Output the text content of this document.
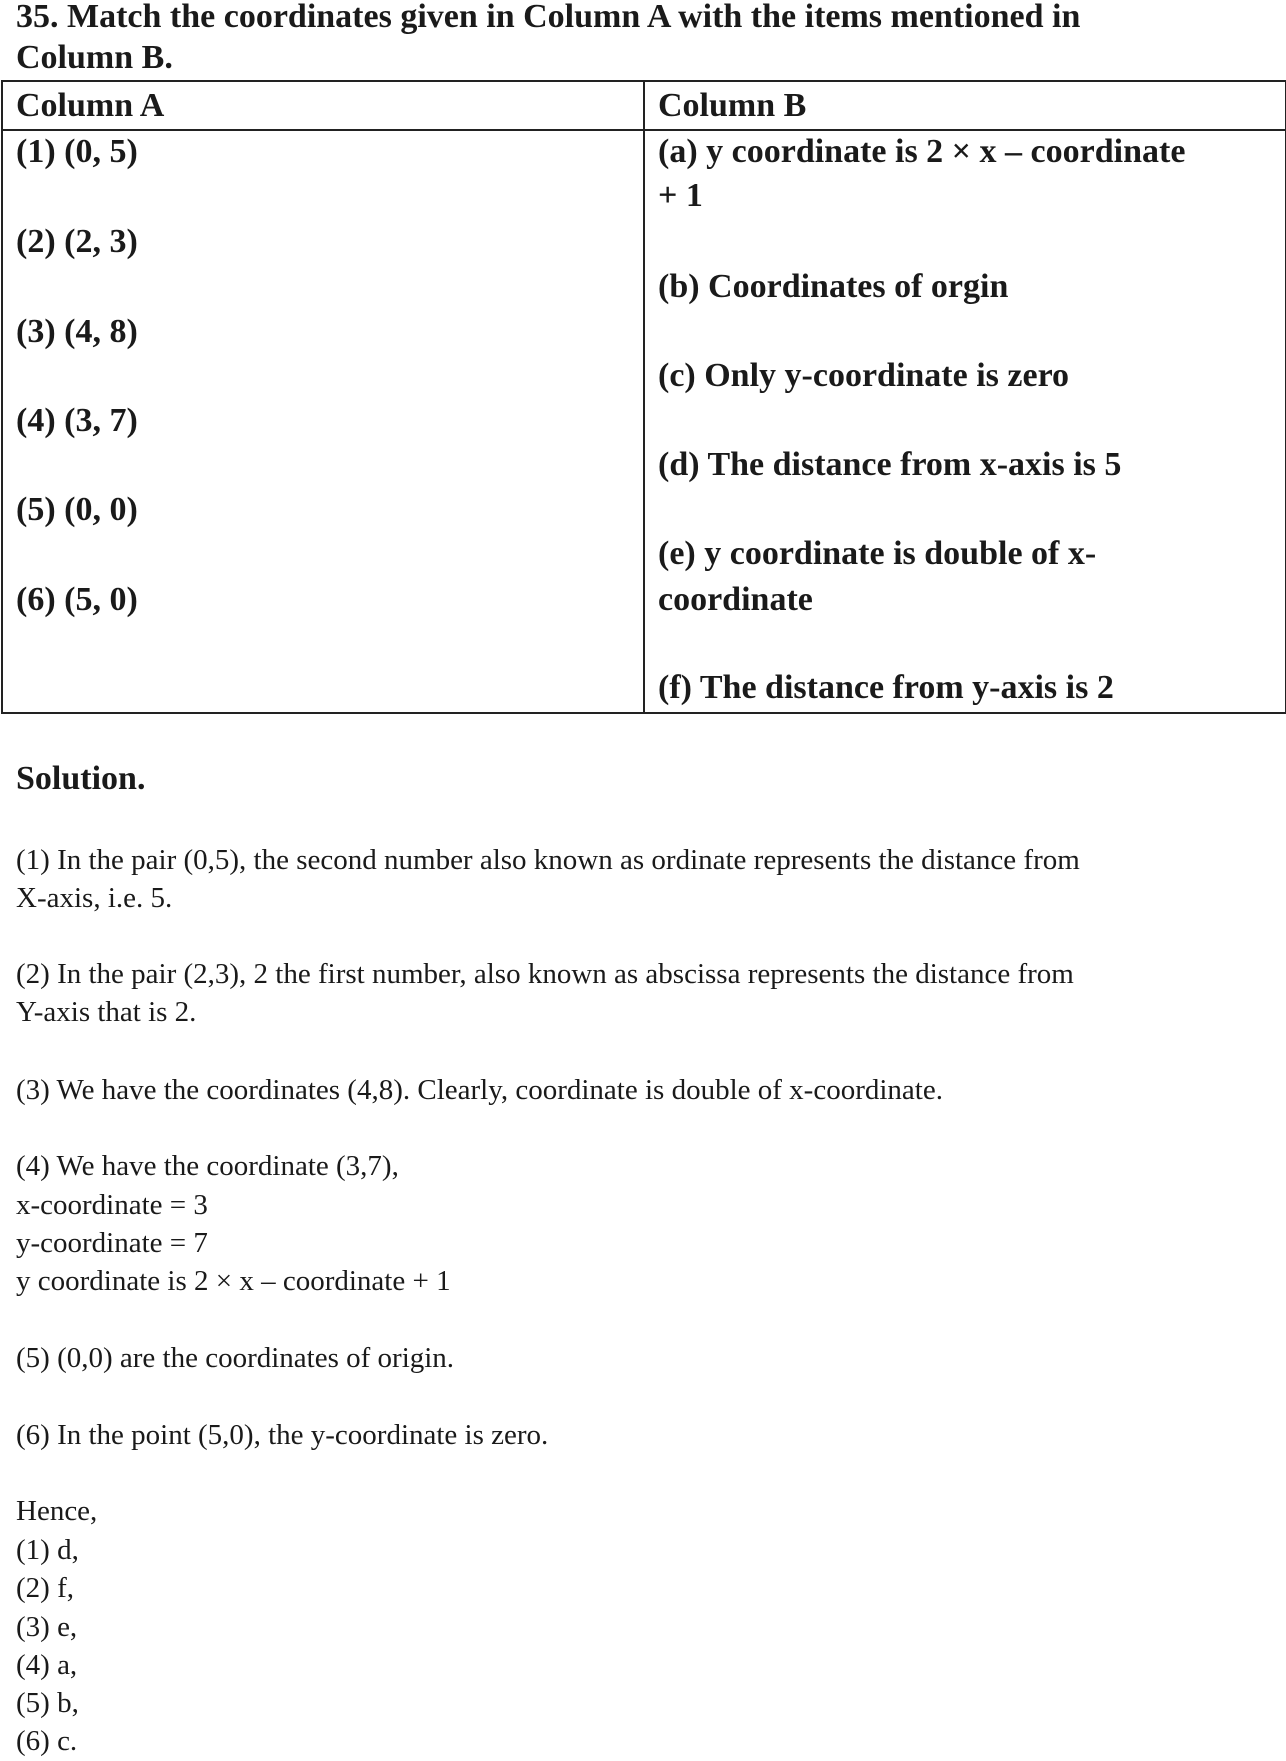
35. Match the coordinates given in Column A with the items mentioned in
Column B.
Column A	Column B
(1) (0, 5)
(2) (2, 3)
(3) (4, 8)
(4) (3, 7)
(5) (0, 0)
(6) (5, 0)
(a) y coordinate is 2 × x – coordinate
+ 1
(b) Coordinates of orgin
(c) Only y-coordinate is zero
(d) The distance from x-axis is 5
(e) y coordinate is double of x-
coordinate
(f) The distance from y-axis is 2
Solution.
(1) In the pair (0,5), the second number also known as ordinate represents the distance from
X-axis, i.e. 5.
(2) In the pair (2,3), 2 the first number, also known as abscissa represents the distance from
Y-axis that is 2.
(3) We have the coordinates (4,8). Clearly, coordinate is double of x-coordinate.
(4) We have the coordinate (3,7),
x-coordinate = 3
y-coordinate = 7
y coordinate is 2 × x – coordinate + 1
(5) (0,0) are the coordinates of origin.
(6) In the point (5,0), the y-coordinate is zero.
Hence,
(1) d,
(2) f,
(3) e,
(4) a,
(5) b,
(6) c.
